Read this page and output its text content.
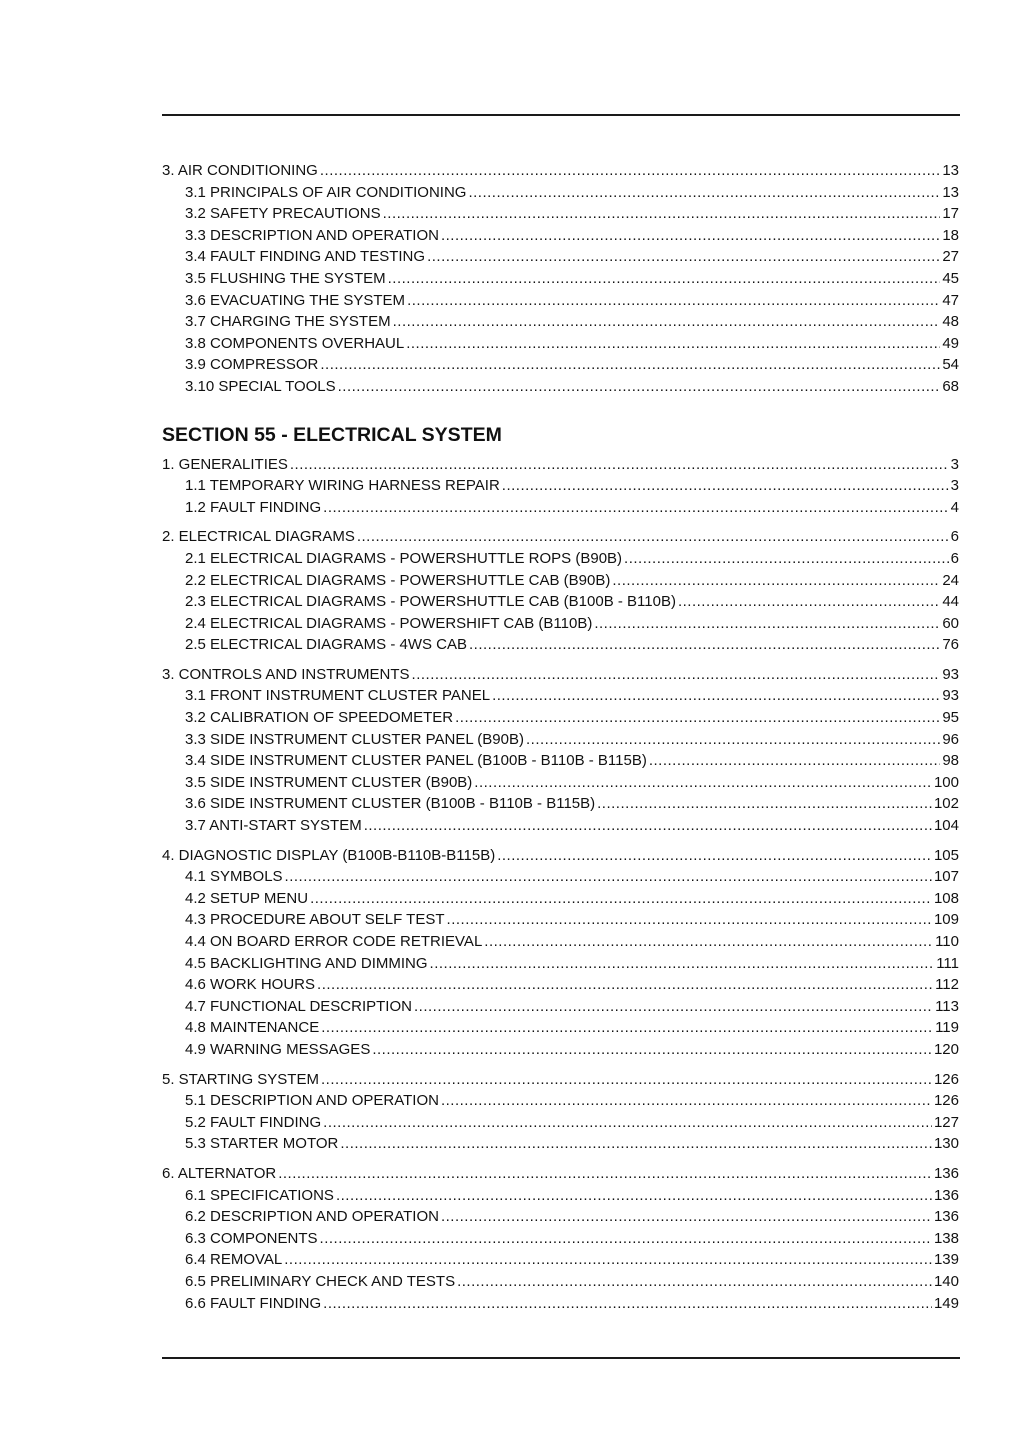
3. AIR CONDITIONING .....	13
3.1 PRINCIPALS OF AIR CONDITIONING .....	13
3.2 SAFETY PRECAUTIONS .....	17
3.3 DESCRIPTION AND OPERATION .....	18
3.4 FAULT FINDING AND TESTING .....	27
3.5 FLUSHING THE SYSTEM .....	45
3.6 EVACUATING THE SYSTEM .....	47
3.7 CHARGING THE SYSTEM .....	48
3.8 COMPONENTS OVERHAUL .....	49
3.9 COMPRESSOR .....	54
3.10 SPECIAL TOOLS .....	68
SECTION 55 - ELECTRICAL SYSTEM
1. GENERALITIES .....	3
1.1 TEMPORARY WIRING HARNESS REPAIR .....	3
1.2 FAULT FINDING .....	4
2. ELECTRICAL DIAGRAMS .....	6
2.1 ELECTRICAL DIAGRAMS - POWERSHUTTLE ROPS (B90B) .....	6
2.2 ELECTRICAL DIAGRAMS - POWERSHUTTLE CAB (B90B) .....	24
2.3 ELECTRICAL DIAGRAMS - POWERSHUTTLE CAB (B100B - B110B) .....	44
2.4 ELECTRICAL DIAGRAMS - POWERSHIFT CAB (B110B) .....	60
2.5 ELECTRICAL DIAGRAMS - 4WS CAB .....	76
3. CONTROLS AND INSTRUMENTS .....	93
3.1 FRONT INSTRUMENT CLUSTER PANEL .....	93
3.2 CALIBRATION OF SPEEDOMETER .....	95
3.3 SIDE INSTRUMENT CLUSTER PANEL (B90B) .....	96
3.4 SIDE INSTRUMENT CLUSTER PANEL (B100B - B110B - B115B) .....	98
3.5 SIDE INSTRUMENT CLUSTER (B90B) .....	100
3.6 SIDE INSTRUMENT CLUSTER (B100B - B110B - B115B) .....	102
3.7 ANTI-START SYSTEM .....	104
4. DIAGNOSTIC DISPLAY (B100B-B110B-B115B) .....	105
4.1 SYMBOLS .....	107
4.2 SETUP MENU .....	108
4.3 PROCEDURE ABOUT SELF TEST .....	109
4.4 ON BOARD ERROR CODE RETRIEVAL .....	110
4.5 BACKLIGHTING AND DIMMING .....	111
4.6 WORK HOURS .....	112
4.7 FUNCTIONAL DESCRIPTION .....	113
4.8 MAINTENANCE .....	119
4.9 WARNING MESSAGES .....	120
5. STARTING SYSTEM .....	126
5.1 DESCRIPTION AND OPERATION .....	126
5.2 FAULT FINDING .....	127
5.3 STARTER MOTOR .....	130
6. ALTERNATOR .....	136
6.1 SPECIFICATIONS .....	136
6.2 DESCRIPTION AND OPERATION .....	136
6.3 COMPONENTS .....	138
6.4 REMOVAL .....	139
6.5 PRELIMINARY CHECK AND TESTS .....	140
6.6 FAULT FINDING .....	149
